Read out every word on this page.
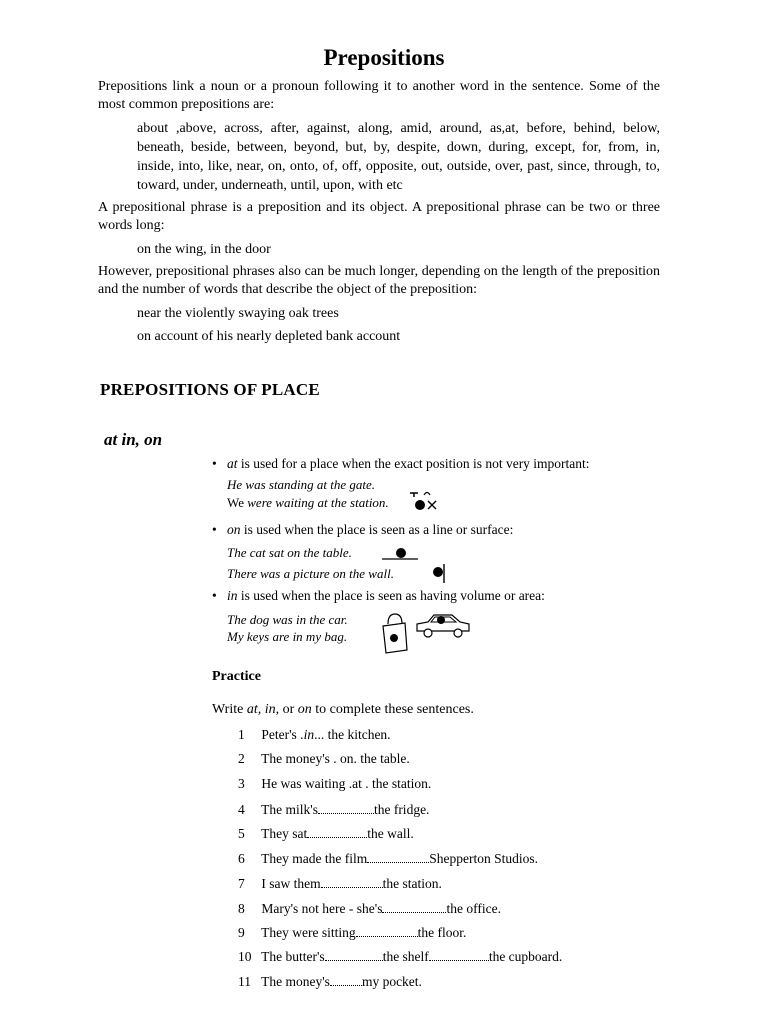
Prepositions
Prepositions link a noun or a pronoun following it to another word in the sentence. Some of the most common prepositions are:
about ,above, across, after, against, along, amid, around, as,at, before, behind, below, beneath, beside, between, beyond, but, by, despite, down, during, except, for, from, in, inside, into, like, near, on, onto, of, off, opposite, out, outside, over, past, since, through, to, toward, under, underneath, until, upon, with etc
A prepositional phrase is a preposition and its object. A prepositional phrase can be two or three words long:
on the wing, in the door
However, prepositional phrases also can be much longer, depending on the length of the preposition and the number of words that describe the object of the preposition:
near the violently swaying oak trees
on account of his nearly depleted bank account
PREPOSITIONS OF PLACE
at in, on
• at is used for a place when the exact position is not very important:
He was standing at the gate.
We were waiting at the station.
• on is used when the place is seen as a line or surface:
The cat sat on the table.
There was a picture on the wall.
• in is used when the place is seen as having volume or area:
The dog was in the car.
My keys are in my bag.
Practice
Write at, in, or on to complete these sentences.
1 Peter's .in... the kitchen.
2 The money's . on. the table.
3 He was waiting .at . the station.
4 The milk's	the fridge.
5 They sat	the wall.
6 They made the film	Shepperton Studios.
7 I saw them	the station.
8 Mary's not here - she's	the office.
9 They were sitting	the floor.
10 The butter's	the shelf	the cupboard.
11 The money's my pocket.
